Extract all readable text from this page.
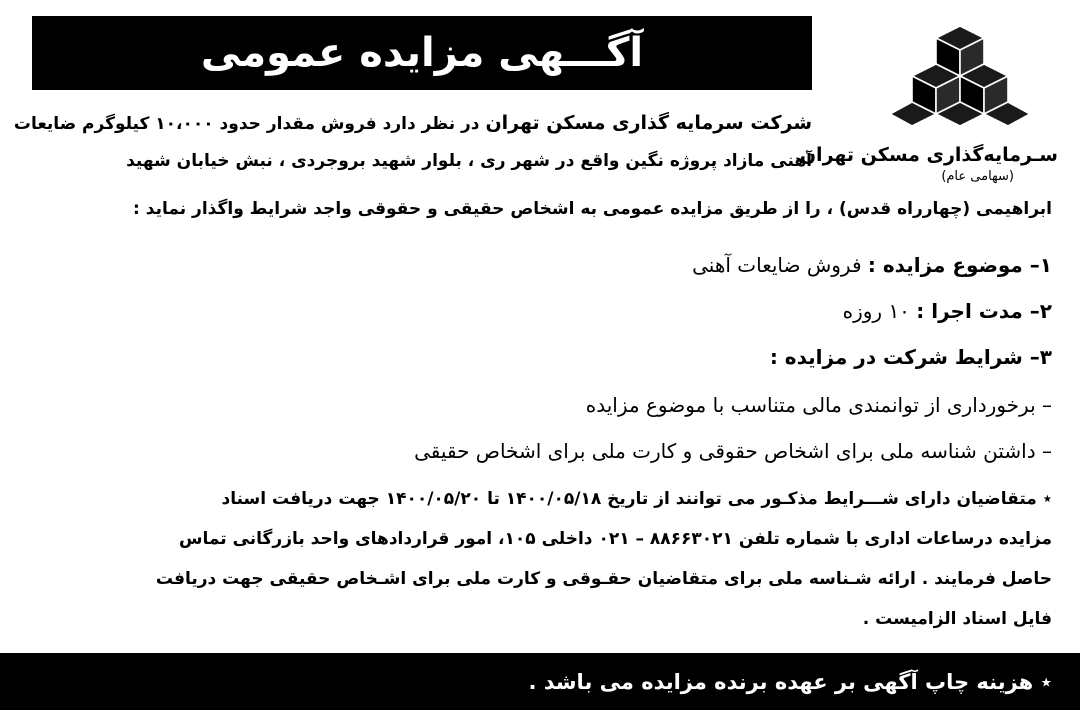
آگـــهی مزایده عمومی
سـرمایه‌گذاری مسکن تهران
(سهامی عام)
شرکت سرمایه گذاری مسکن تهران در نظر دارد فروش مقدار حدود ۱۰،۰۰۰ کیلوگرم ضایعات
آهنی مازاد پروژه نگین واقع در شهر ری ، بلوار شهید بروجردی ، نبش خیابان شهید
ابراهیمی (چهارراه قدس) ، را از طریق مزایده عمومی به اشخاص حقیقی و حقوقی واجد شرایط واگذار نماید :
۱– موضوع مزایده : فروش ضایعات آهنی
۲– مدت اجرا : ۱۰ روزه
۳– شرایط شرکت در مزایده :
– برخورداری از توانمندی مالی متناسب با موضوع مزایده
– داشتن شناسه ملی برای اشخاص حقوقی و کارت ملی برای اشخاص حقیقی
‏٭ متقاضیان دارای شـــرایط مذکـور می توانند از تاریخ ۱۴۰۰/۰۵/۱۸ تا ۱۴۰۰/۰۵/۲۰ جهت دریافت اسناد
مزایده درساعات اداری با شماره تلفن ۸۸۶۶۳۰۲۱ – ۰۲۱ داخلی ۱۰۵، امور قراردادهای واحد بازرگانی تماس
حاصل فرمایند . ارائه شـناسه ملی برای متقاضیان حقـوقی و کارت ملی برای اشـخاص حقیقی جهت دریافت
فایل اسناد الزامیست .
‏٭ هزینه چاپ آگهی بر عهده برنده مزایده می باشد .
